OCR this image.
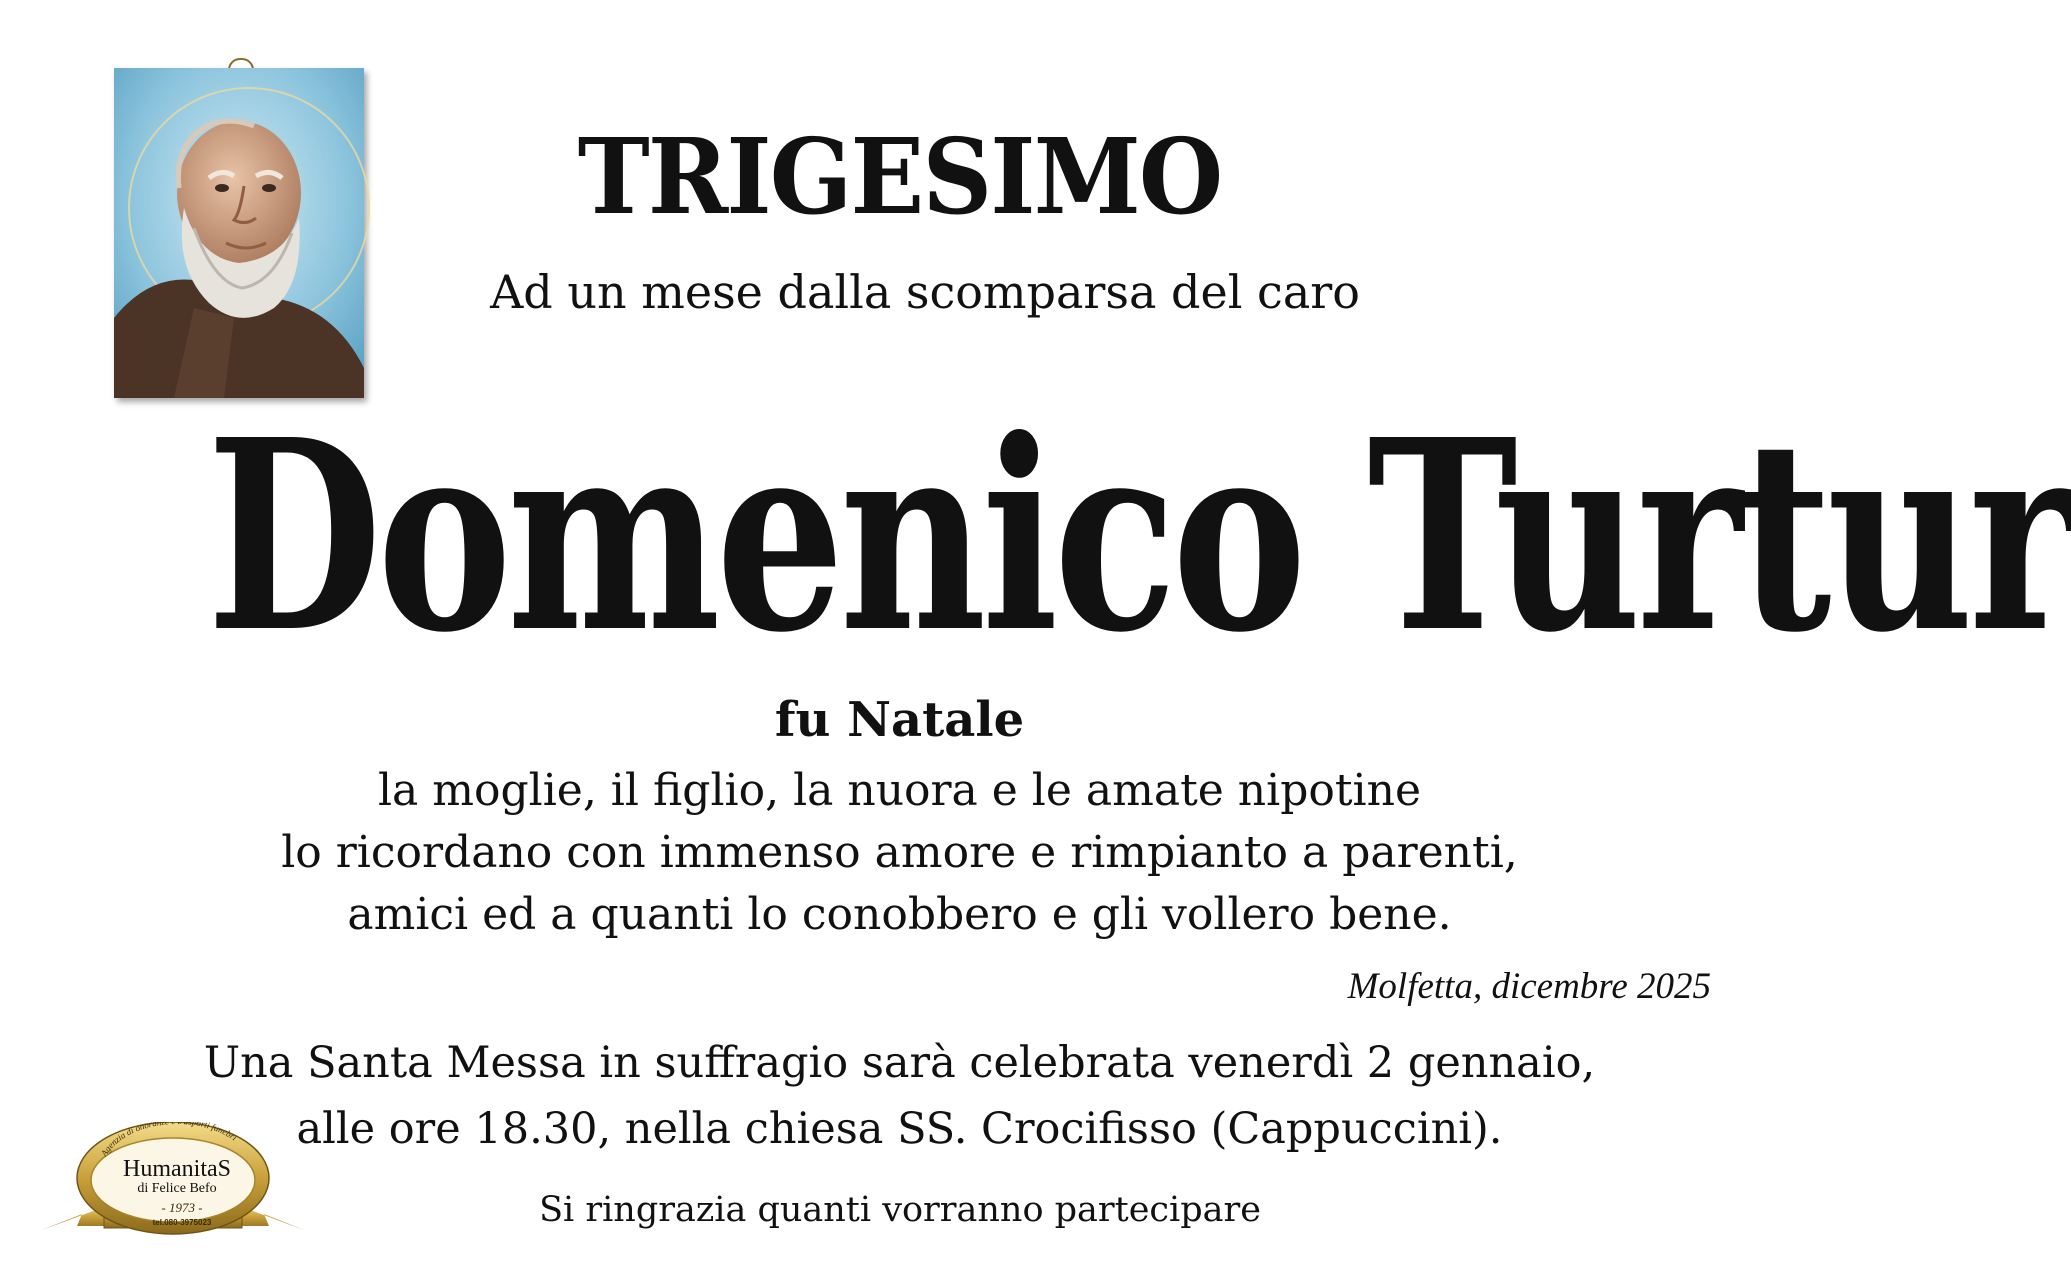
TRIGESIMO
Ad un mese dalla scomparsa del caro
Domenico Turtur
fu Natale
la moglie, il figlio, la nuora e le amate nipotine
lo ricordano con immenso amore e rimpianto a parenti,
amici ed a quanti lo conobbero e gli vollero bene.
Molfetta, dicembre 2025
Una Santa Messa in suffragio sarà celebrata venerdì 2 gennaio,
alle ore 18.30, nella chiesa SS. Crocifisso (Cappuccini).
Si ringrazia quanti vorranno partecipare
Agenzia di onoran porti funebri
HumanitaS
di Felice Befo
- 1973 -
tel.080-3975023
